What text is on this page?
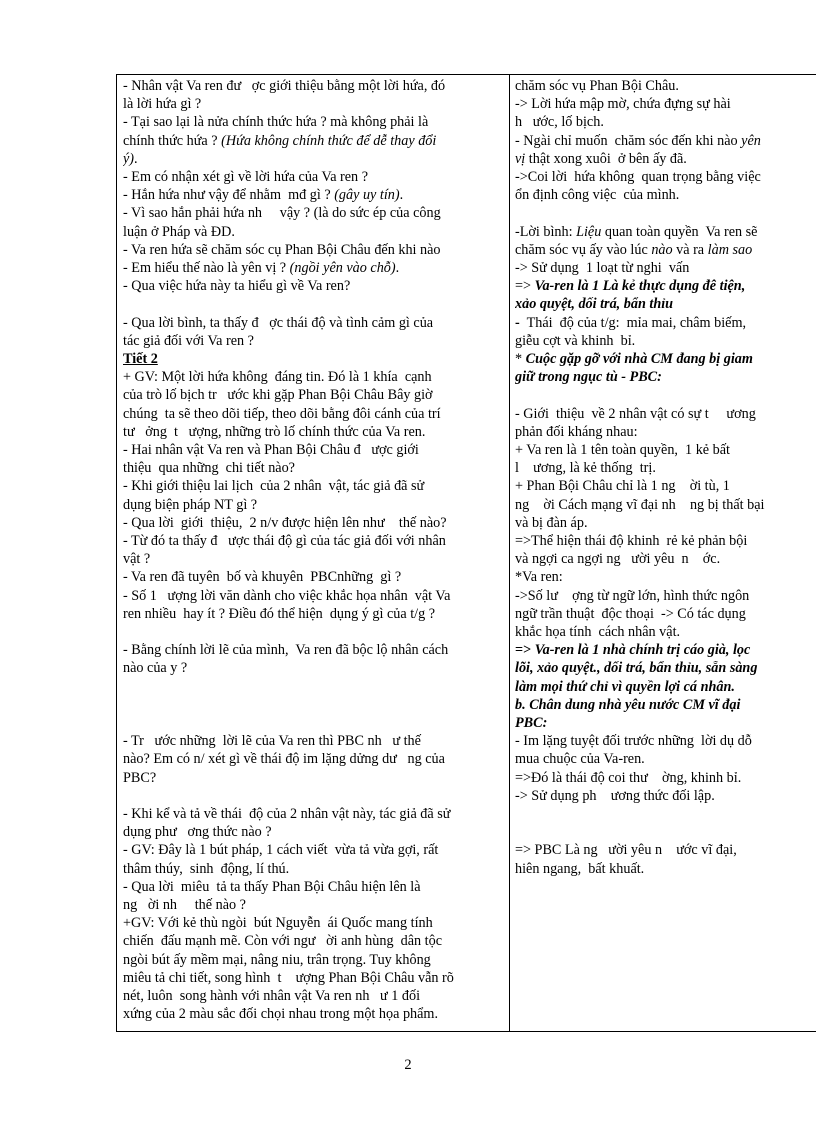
- Nhân vật Va ren đư   ợc giới thiệu bằng một lời hứa, đó
là lời hứa gì ?
- Tại sao lại là nửa chính thức hứa ? mà không phải là
chính thức hứa ? (Hứa không chính thức để dễ thay đổi
ý).
- Em có nhận xét gì về lời hứa của Va ren ?
- Hắn hứa như vậy để nhằm  mđ gì ? (gây uy tín).
- Vì sao hắn phải hứa nh     vậy ? (là do sức ép của công
luận ở Pháp và ĐD.
- Va ren hứa sẽ chăm sóc cụ Phan Bội Châu đến khi nào
- Em hiểu thế nào là yên vị ? (ngồi yên vào chỗ).
- Qua việc hứa này ta hiểu gì về Va ren?
- Qua lời bình, ta thấy đ   ợc thái độ và tình cảm gì của
tác giả đối với Va ren ?
Tiết 2
+ GV: Một lời hứa không  đáng tin. Đó là 1 khía  cạnh
của trò lố bịch tr   ước khi gặp Phan Bội Châu Bây giờ
chúng  ta sẽ theo dõi tiếp, theo dõi bằng đôi cánh của trí
tư   ởng  t   ượng, những trò lố chính thức của Va ren.
- Hai nhân vật Va ren và Phan Bội Châu đ   ược giới
thiệu  qua những  chi tiết nào?
- Khi giới thiệu lai lịch  của 2 nhân  vật, tác giả đã sử
dụng biện pháp NT gì ?
- Qua lời  giới  thiệu,  2 n/v được hiện lên như    thế nào?
- Từ đó ta thấy đ   ược thái độ gì của tác giả đối với nhân
vật ?
- Va ren đã tuyên  bố và khuyên  PBCnhững  gì ?
- Số 1   ượng lời văn dành cho việc khắc họa nhân  vật Va
ren nhiều  hay ít ? Điều đó thể hiện  dụng ý gì của t/g ?
- Bằng chính lời lẽ của mình,  Va ren đã bộc lộ nhân cách
nào của y ?
- Tr   ước những  lời lẽ của Va ren thì PBC nh   ư thế
nào? Em có n/ xét gì về thái độ im lặng dửng dư   ng của
PBC?
- Khi kể và tả về thái  độ của 2 nhân vật này, tác giả đã sử
dụng phư   ơng thức nào ?
- GV: Đây là 1 bút pháp, 1 cách viết  vừa tả vừa gợi, rất
thâm thúy,  sinh  động, lí thú.
- Qua lời  miêu  tả ta thấy Phan Bội Châu hiện lên là
ng   ời nh     thế nào ?
+GV: Với kẻ thù ngòi  bút Nguyễn  ái Quốc mang tính
chiến  đấu mạnh mẽ. Còn với ngư   ời anh hùng  dân tộc
ngòi bút ấy mềm mại, nâng niu, trân trọng. Tuy không
miêu tả chi tiết, song hình  t    ượng Phan Bội Châu vẫn rõ
nét, luôn  song hành với nhân vật Va ren nh   ư 1 đối
xứng của 2 màu sắc đối chọi nhau trong một họa phẩm.
chăm sóc vụ Phan Bội Châu.
-> Lời hứa mập mờ, chứa đựng sự hài
h   ước, lố bịch.
- Ngài chỉ muốn  chăm sóc đến khi nào yên
vị thật xong xuôi  ở bên ấy đã.
->Coi lời  hứa không  quan trọng bằng việc
ổn định công việc  của mình.
-Lời bình: Liệu quan toàn quyền  Va ren sẽ
chăm sóc vụ ấy vào lúc nào và ra làm sao
-> Sử dụng  1 loạt từ nghi  vấn
=> Va-ren là 1 Là kẻ thực dụng đê tiện,
xảo quyệt, dối trá, bẩn thỉu
-  Thái  độ của t/g:  mỉa mai, châm biếm,
giễu cợt và khinh  bỉ.
* Cuộc gặp gỡ với nhà CM đang bị giam
giữ trong ngục tù - PBC:
- Giới  thiệu  về 2 nhân vật có sự t     ương
phản đối kháng nhau:
+ Va ren là 1 tên toàn quyền,  1 kẻ bất
l    ương, là kẻ thống  trị.
+ Phan Bội Châu chỉ là 1 ng    ời tù, 1
ng    ời Cách mạng vĩ đại nh    ng bị thất bại
và bị đàn áp.
=>Thể hiện thái độ khinh  rẻ kẻ phản bội
và ngợi ca ngợi ng   ười yêu  n    ớc.
*Va ren:
->Số lư    ợng từ ngữ lớn, hình thức ngôn
ngữ trần thuật  độc thoại  -> Có tác dụng
khắc họa tính  cách nhân vật.
=> Va-ren là 1 nhà chính trị cáo già, lọc
lõi, xảo quyệt., dối trá, bẩn thỉu, sẵn sàng
làm mọi thứ chỉ vì quyền lợi cá nhân.
b. Chân dung nhà yêu nước CM vĩ đại
PBC:
- Im lặng tuyệt đối trước những  lời dụ dỗ
mua chuộc của Va-ren.
=>Đó là thái độ coi thư    ờng, khinh bỉ.
-> Sử dụng ph    ương thức đối lập.
=> PBC Là ng   ười yêu n    ước vĩ đại,
hiên ngang,  bất khuất.
2
